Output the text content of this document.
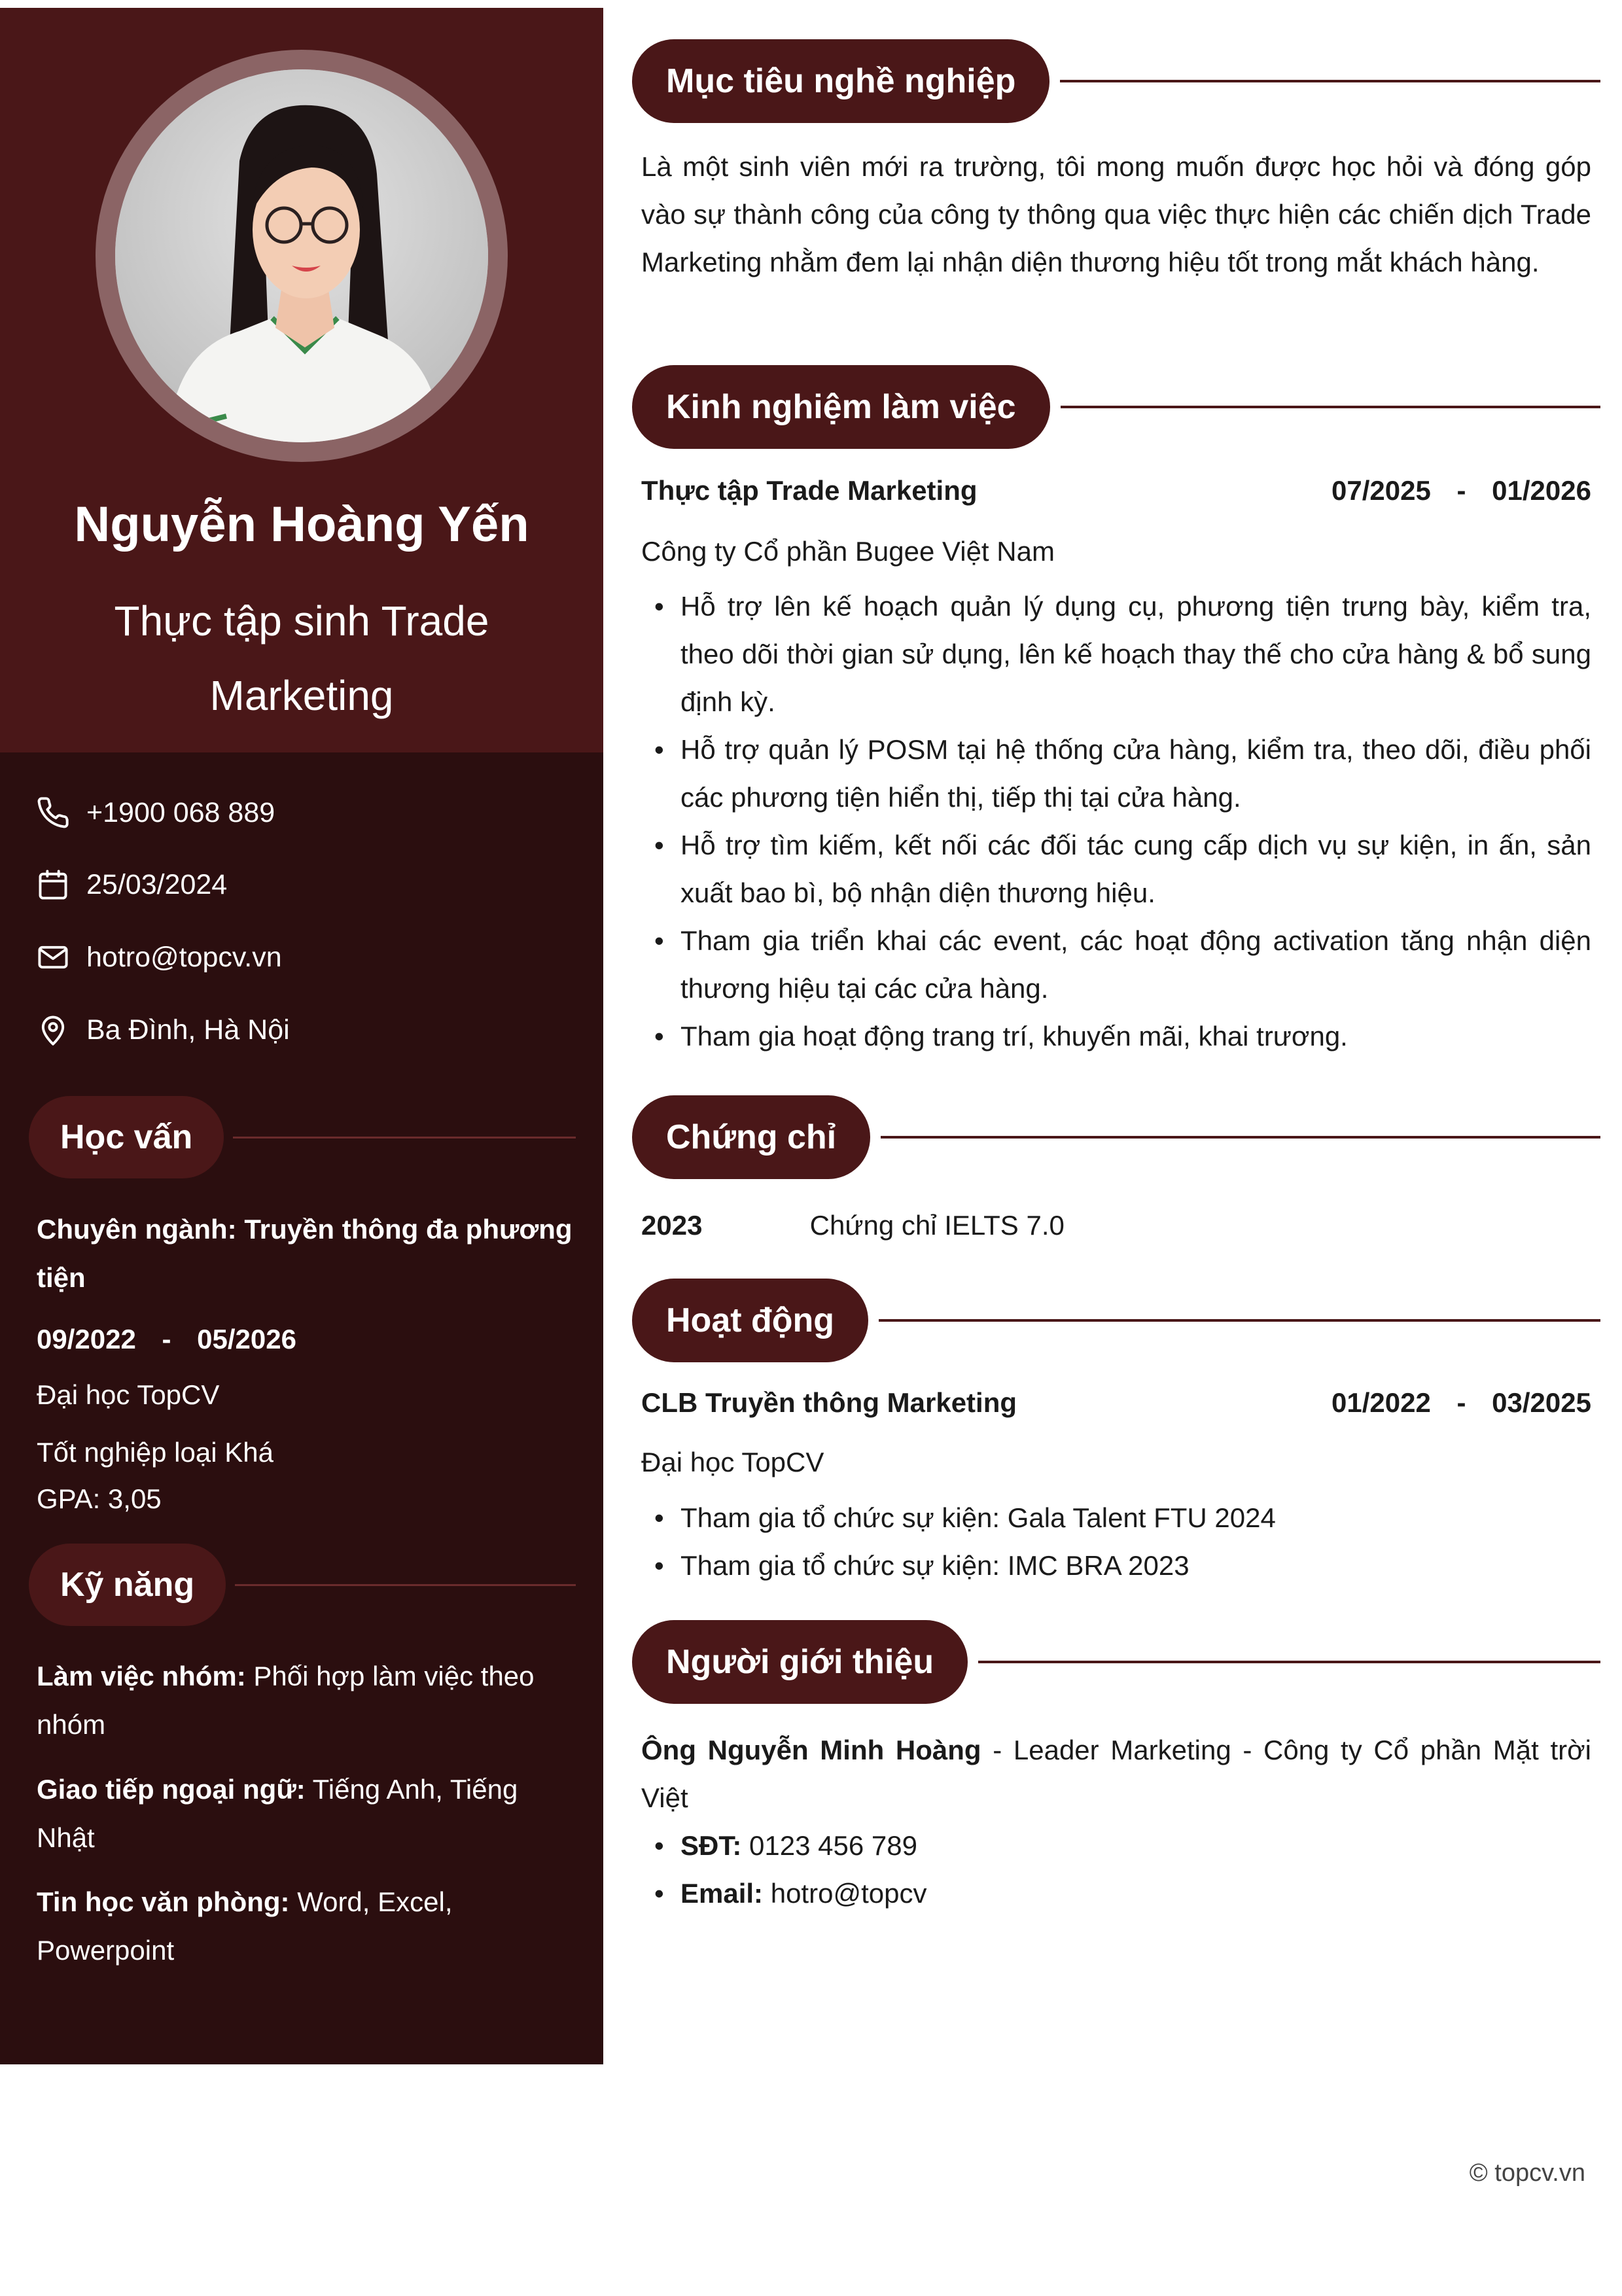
Nguyễn Hoàng Yến
Thực tập sinh Trade Marketing
+1900 068 889
25/03/2024
hotro@topcv.vn
Ba Đình, Hà Nội
Học vấn
Chuyên ngành: Truyền thông đa phương tiện
09/2022 - 05/2026
Đại học TopCV
Tốt nghiệp loại Khá
GPA: 3,05
Kỹ năng
Làm việc nhóm: Phối hợp làm việc theo nhóm
Giao tiếp ngoại ngữ: Tiếng Anh, Tiếng Nhật
Tin học văn phòng: Word, Excel, Powerpoint
Mục tiêu nghề nghiệp
Là một sinh viên mới ra trường, tôi mong muốn được học hỏi và đóng góp vào sự thành công của công ty thông qua việc thực hiện các chiến dịch Trade Marketing nhằm đem lại nhận diện thương hiệu tốt trong mắt khách hàng.
Kinh nghiệm làm việc
Thực tập Trade Marketing	07/2025 - 01/2026
Công ty Cổ phần Bugee Việt Nam
• Hỗ trợ lên kế hoạch quản lý dụng cụ, phương tiện trưng bày, kiểm tra, theo dõi thời gian sử dụng, lên kế hoạch thay thế cho cửa hàng & bổ sung định kỳ.
• Hỗ trợ quản lý POSM tại hệ thống cửa hàng, kiểm tra, theo dõi, điều phối các phương tiện hiển thị, tiếp thị tại cửa hàng.
• Hỗ trợ tìm kiếm, kết nối các đối tác cung cấp dịch vụ sự kiện, in ấn, sản xuất bao bì, bộ nhận diện thương hiệu.
• Tham gia triển khai các event, các hoạt động activation tăng nhận diện thương hiệu tại các cửa hàng.
• Tham gia hoạt động trang trí, khuyến mãi, khai trương.
Chứng chỉ
2023	Chứng chỉ IELTS 7.0
Hoạt động
CLB Truyền thông Marketing	01/2022 - 03/2025
Đại học TopCV
• Tham gia tổ chức sự kiện: Gala Talent FTU 2024
• Tham gia tổ chức sự kiện: IMC BRA 2023
Người giới thiệu
Ông Nguyễn Minh Hoàng - Leader Marketing - Công ty Cổ phần Mặt trời Việt
• SĐT: 0123 456 789
• Email: hotro@topcv
© topcv.vn
